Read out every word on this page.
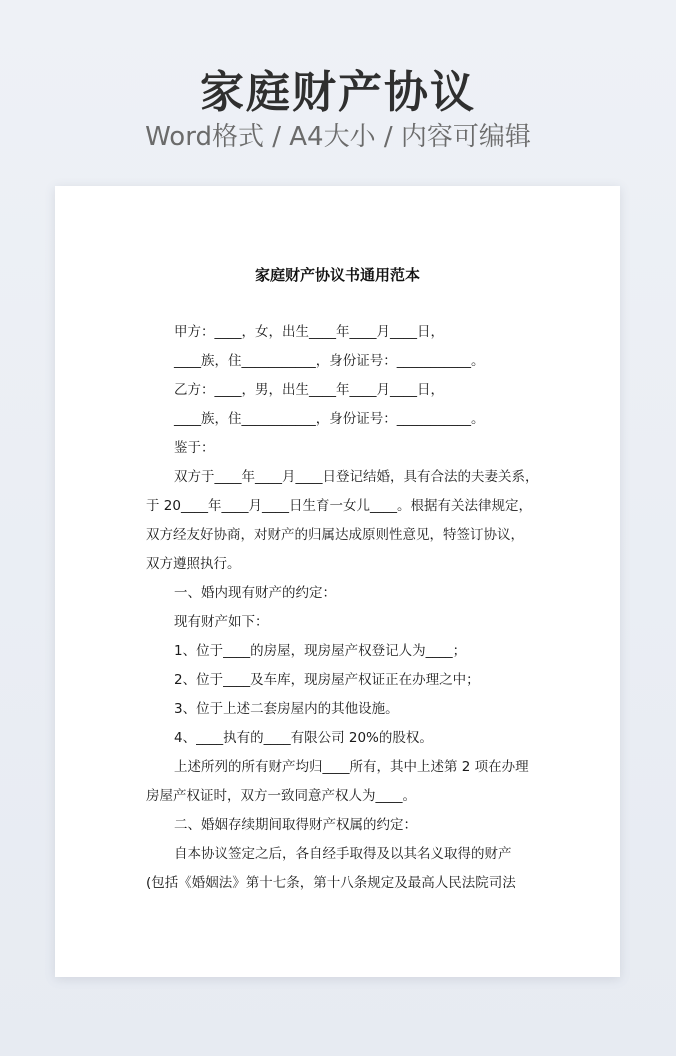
家庭财产协议
Word格式 / A4大小 / 内容可编辑
家庭财产协议书通用范本
甲方：____，女，出生____年____月____日，
____族，住___________，身份证号：___________。
乙方：____，男，出生____年____月____日，
____族，住___________，身份证号：___________。
鉴于：
双方于____年____月____日登记结婚，具有合法的夫妻关系，
于 20____年____月____日生育一女儿____。根据有关法律规定，
双方经友好协商，对财产的归属达成原则性意见，特签订协议，
双方遵照执行。
一、婚内现有财产的约定：
现有财产如下：
1、位于____的房屋，现房屋产权登记人为____；
2、位于____及车库，现房屋产权证正在办理之中；
3、位于上述二套房屋内的其他设施。
4、____执有的____有限公司 20%的股权。
上述所列的所有财产均归____所有，其中上述第 2 项在办理
房屋产权证时，双方一致同意产权人为____。
二、婚姻存续期间取得财产权属的约定：
自本协议签定之后，各自经手取得及以其名义取得的财产
(包括《婚姻法》第十七条，第十八条规定及最高人民法院司法
